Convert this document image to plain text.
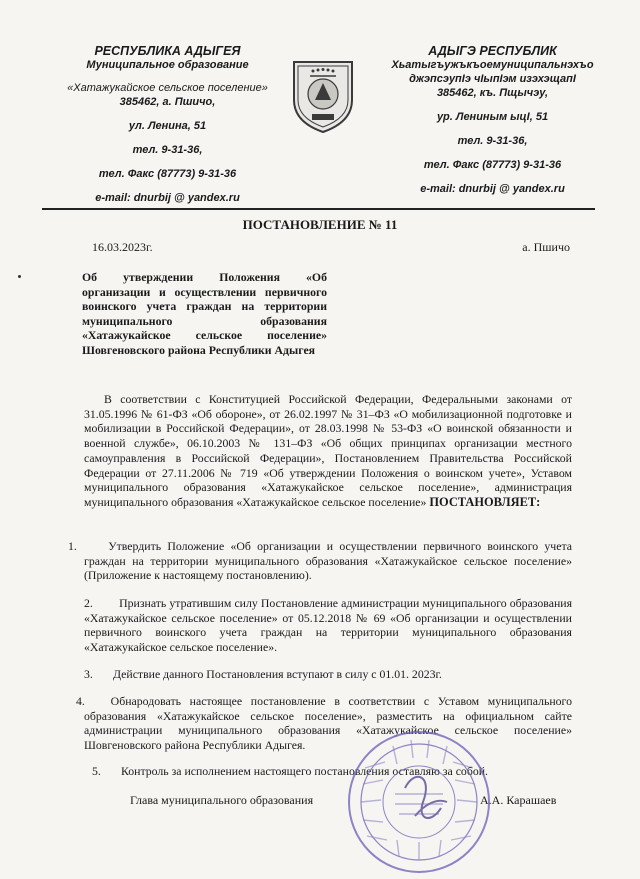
РЕСПУБЛИКА АДЫГЕЯ
Муниципальное образование
«Хатажукайское сельское поселение»
385462, а. Пшичо,
ул. Ленина, 51
тел. 9-31-36,
тел. Факс (87773) 9-31-36
e-mail: dnurbij @ yandex.ru
АДЫГЭ РЕСПУБЛИК
Хьатыгъужъкъоемуниципальнэхъо
джэпсэупIэ чIыпIэм изэхэщапI
385462, къ. Пщычэу,
ур. Лениным ыцI, 51
тел. 9-31-36,
тел. Факс (87773) 9-31-36
e-mail: dnurbij @ yandex.ru
ПОСТАНОВЛЕНИЕ № 11
16.03.2023г.	а. Пшичо
Об утверждении Положения «Об организации и осуществлении первичного воинского учета граждан на территории муниципального образования «Хатажукайское сельское поселение» Шовгеновского района Республики Адыгея
В соответствии с Конституцией Российской Федерации, Федеральными законами от 31.05.1996 № 61-ФЗ «Об обороне», от 26.02.1997 № 31–ФЗ «О мобилизационной подготовке и мобилизации в Российской Федерации», от 28.03.1998 № 53-ФЗ «О воинской обязанности и военной службе», 06.10.2003 № 131–ФЗ «Об общих принципах организации местного самоуправления в Российской Федерации», Постановлением Правительства Российской Федерации от 27.11.2006 № 719 «Об утверждении Положения о воинском учете», Уставом муниципального образования «Хатажукайское сельское поселение», администрация муниципального образования «Хатажукайское сельское поселение» ПОСТАНОВЛЯЕТ:
1.	Утвердить Положение «Об организации и осуществлении первичного воинского учета граждан на территории муниципального образования «Хатажукайское сельское поселение» (Приложение к настоящему постановлению).
2. Признать утратившим силу Постановление администрации муниципального образования «Хатажукайское сельское поселение» от 05.12.2018 № 69 «Об организации и осуществлении первичного воинского учета граждан на территории муниципального образования «Хатажукайское сельское поселение».
3. Действие данного Постановления вступают в силу с 01.01. 2023г.
4. Обнародовать настоящее постановление в соответствии с Уставом муниципального образования «Хатажукайское сельское поселение», разместить на официальном сайте администрации муниципального образования «Хатажукайское сельское поселение» Шовгеновского района Республики Адыгея.
5. Контроль за исполнением настоящего постановления оставляю за собой.
Глава муниципального образования	А.А. Карашаев
